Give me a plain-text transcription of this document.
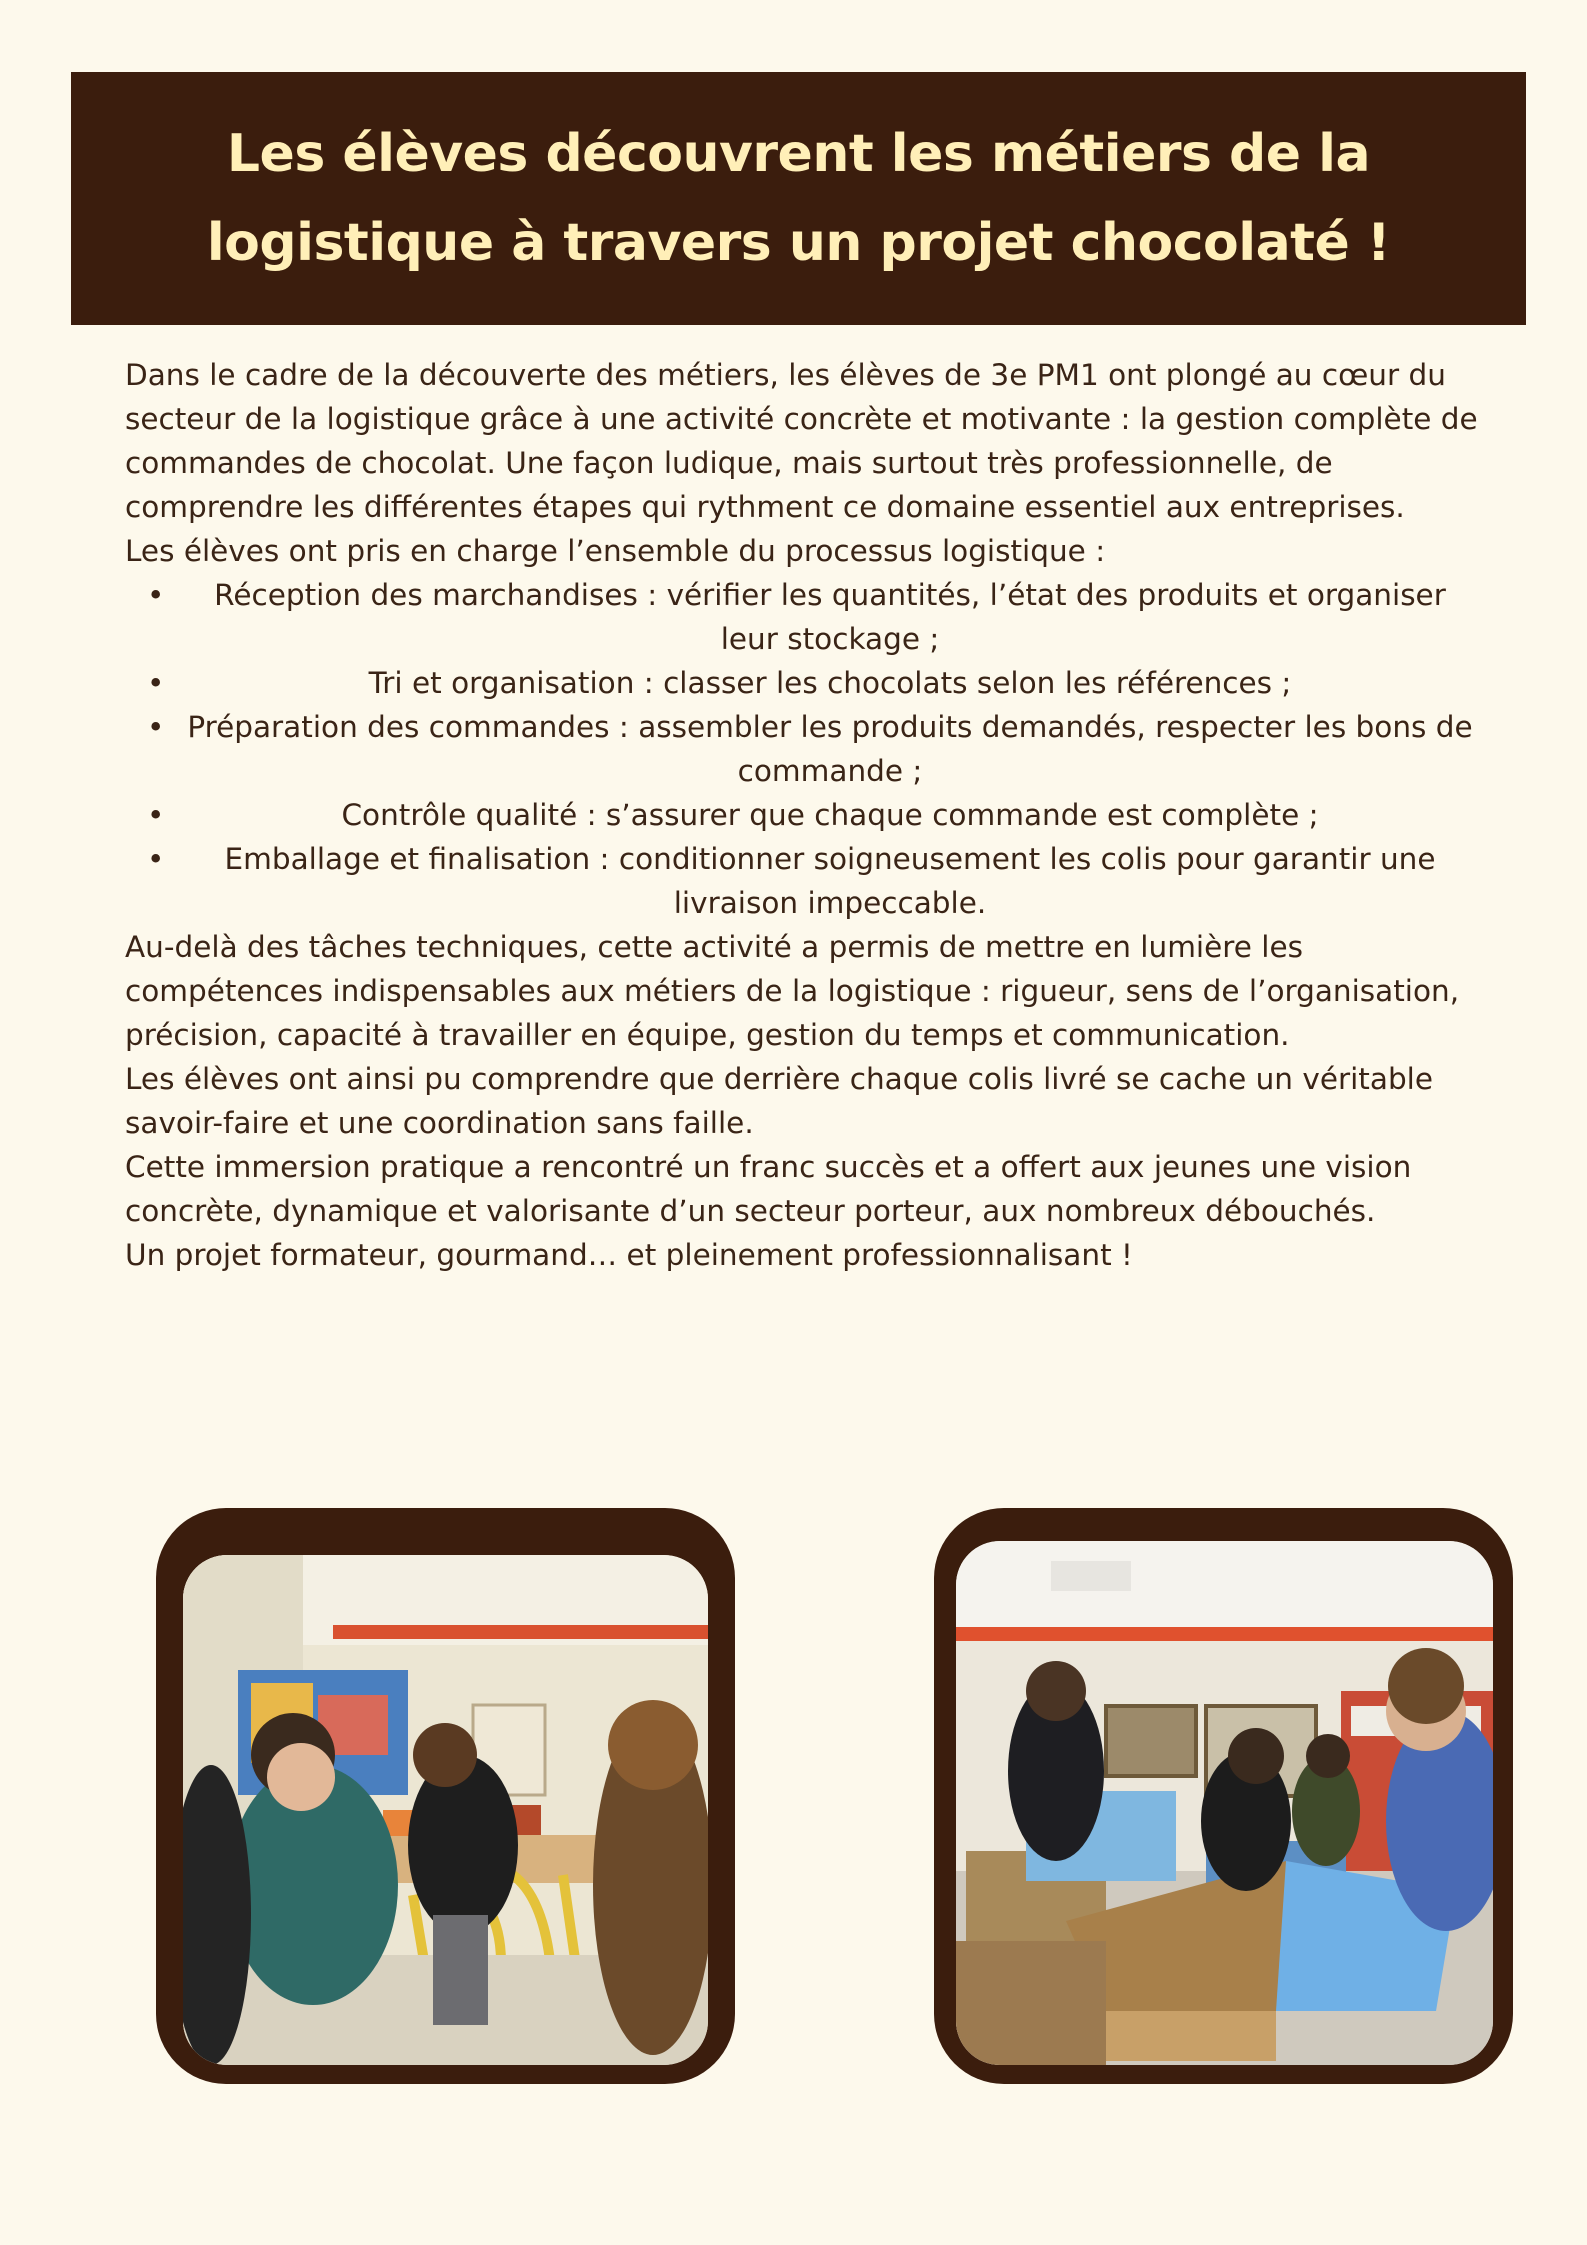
Les élèves découvrent les métiers de la logistique à travers un projet chocolaté !

Dans le cadre de la découverte des métiers, les élèves de 3e PM1 ont plongé au cœur du secteur de la logistique grâce à une activité concrète et motivante : la gestion complète de commandes de chocolat. Une façon ludique, mais surtout très professionnelle, de comprendre les différentes étapes qui rythment ce domaine essentiel aux entreprises.

Les élèves ont pris en charge l’ensemble du processus logistique :

• Réception des marchandises : vérifier les quantités, l’état des produits et organiser leur stockage ;
•	Tri et organisation : classer les chocolats selon les références ;
• Préparation des commandes : assembler les produits demandés, respecter les bons de commande ;
•	Contrôle qualité : s’assurer que chaque commande est complète ;
• Emballage et finalisation : conditionner soigneusement les colis pour garantir une livraison impeccable.

Au-delà des tâches techniques, cette activité a permis de mettre en lumière les compétences indispensables aux métiers de la logistique : rigueur, sens de l’organisation, précision, capacité à travailler en équipe, gestion du temps et communication.

Les élèves ont ainsi pu comprendre que derrière chaque colis livré se cache un véritable savoir-faire et une coordination sans faille.

Cette immersion pratique a rencontré un franc succès et a offert aux jeunes une vision concrète, dynamique et valorisante d’un secteur porteur, aux nombreux débouchés.

Un projet formateur, gourmand… et pleinement professionnalisant !
